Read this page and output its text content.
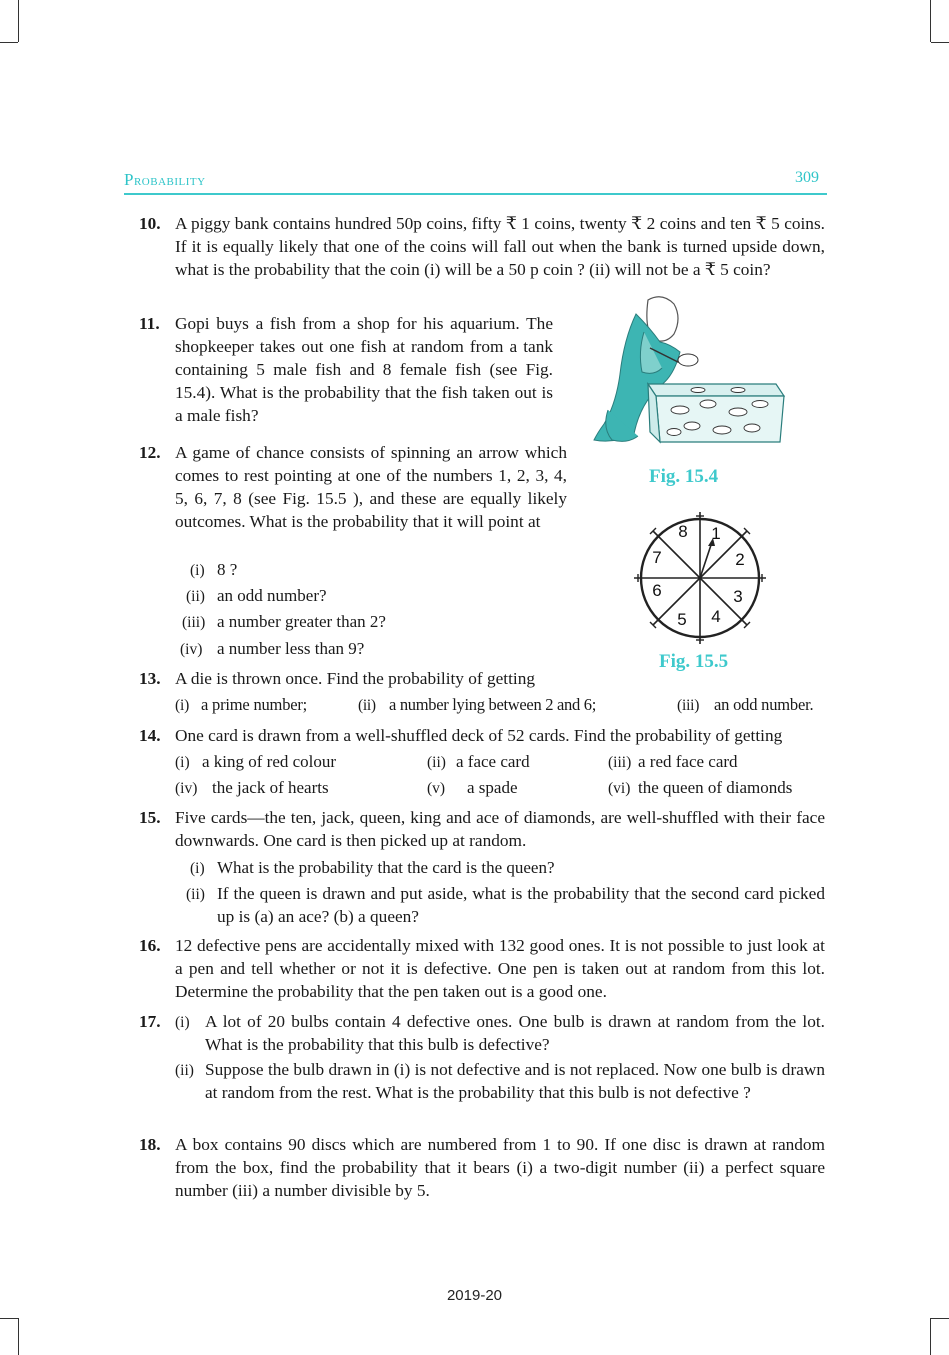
Probability	309
10. A piggy bank contains hundred 50p coins, fifty ₹ 1 coins, twenty ₹ 2 coins and ten ₹ 5 coins. If it is equally likely that one of the coins will fall out when the bank is turned upside down, what is the probability that the coin (i) will be a 50 p coin ? (ii) will not be a ₹ 5 coin?
11. Gopi buys a fish from a shop for his aquarium. The shopkeeper takes out one fish at random from a tank containing 5 male fish and 8 female fish (see Fig. 15.4). What is the probability that the fish taken out is a male fish?
Fig. 15.4
12. A game of chance consists of spinning an arrow which comes to rest pointing at one of the numbers 1, 2, 3, 4, 5, 6, 7, 8 (see Fig. 15.5 ), and these are equally likely outcomes. What is the probability that it will point at
(i) 8 ?
(ii) an odd number?
(iii) a number greater than 2?
(iv) a number less than 9?
1
2
3
4
5
6
7
8
Fig. 15.5
13. A die is thrown once. Find the probability of getting
(i) a prime number;	(ii) a number lying between 2 and 6;	(iii) an odd number.
14. One card is drawn from a well-shuffled deck of 52 cards. Find the probability of getting
(i) a king of red colour	(ii) a face card	(iii) a red face card
(iv) the jack of hearts	(v) a spade	(vi) the queen of diamonds
15. Five cards—the ten, jack, queen, king and ace of diamonds, are well-shuffled with their face downwards. One card is then picked up at random.
(i) What is the probability that the card is the queen?
(ii) If the queen is drawn and put aside, what is the probability that the second card picked up is (a) an ace? (b) a queen?
16. 12 defective pens are accidentally mixed with 132 good ones. It is not possible to just look at a pen and tell whether or not it is defective. One pen is taken out at random from this lot. Determine the probability that the pen taken out is a good one.
17. (i) A lot of 20 bulbs contain 4 defective ones. One bulb is drawn at random from the lot. What is the probability that this bulb is defective?
(ii) Suppose the bulb drawn in (i) is not defective and is not replaced. Now one bulb is drawn at random from the rest. What is the probability that this bulb is not defective ?
18. A box contains 90 discs which are numbered from 1 to 90. If one disc is drawn at random from the box, find the probability that it bears (i) a two-digit number (ii) a perfect square number (iii) a number divisible by 5.
2019-20
